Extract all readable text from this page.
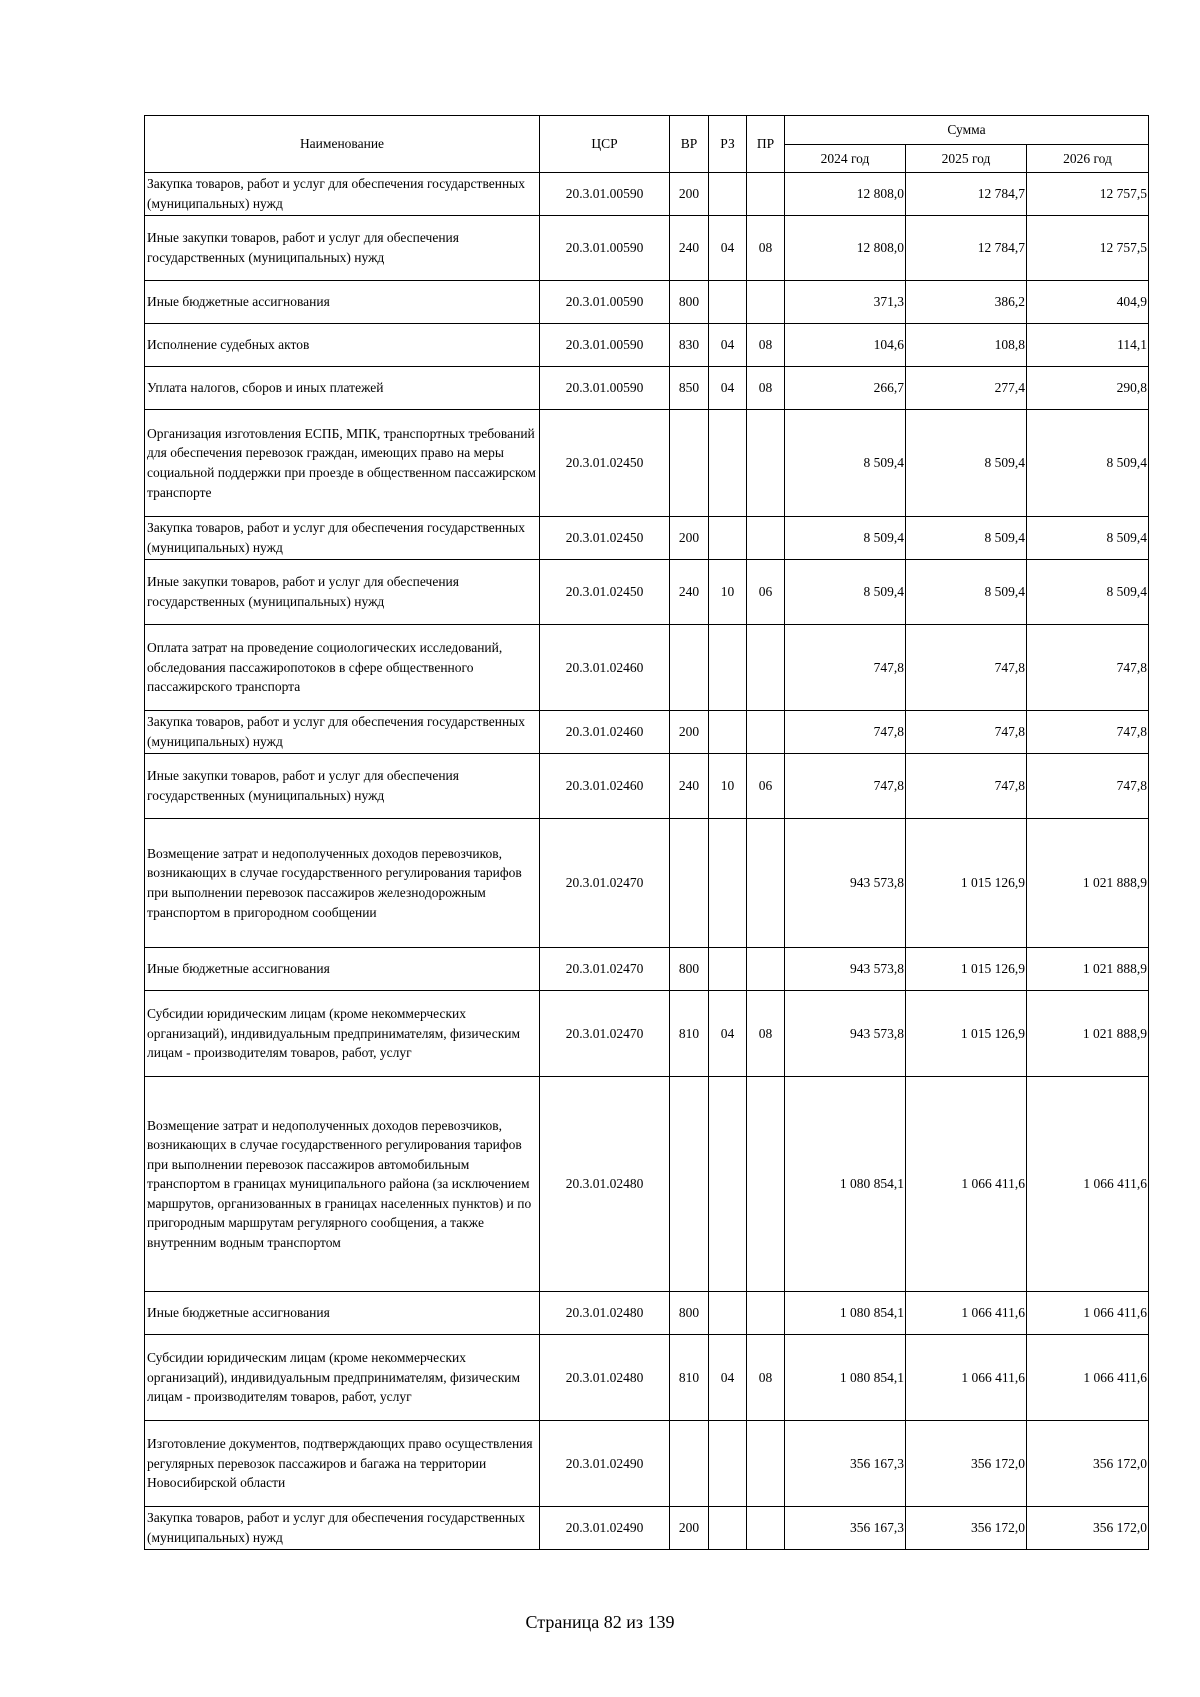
Наименование	ЦСР	ВР	РЗ	ПР	Сумма		
					2024 год	2025 год	2026 год
Закупка товаров, работ и услуг для обеспечения государственных (муниципальных) нужд	20.3.01.00590	200			12 808,0	12 784,7	12 757,5
Иные закупки товаров, работ и услуг для обеспечения государственных (муниципальных) нужд	20.3.01.00590	240	04	08	12 808,0	12 784,7	12 757,5
Иные бюджетные ассигнования	20.3.01.00590	800			371,3	386,2	404,9
Исполнение судебных актов	20.3.01.00590	830	04	08	104,6	108,8	114,1
Уплата налогов, сборов и иных платежей	20.3.01.00590	850	04	08	266,7	277,4	290,8
Организация изготовления ЕСПБ, МПК, транспортных требований для обеспечения перевозок граждан, имеющих право на меры социальной поддержки при проезде в общественном пассажирском транспорте	20.3.01.02450				8 509,4	8 509,4	8 509,4
Закупка товаров, работ и услуг для обеспечения государственных (муниципальных) нужд	20.3.01.02450	200			8 509,4	8 509,4	8 509,4
Иные закупки товаров, работ и услуг для обеспечения государственных (муниципальных) нужд	20.3.01.02450	240	10	06	8 509,4	8 509,4	8 509,4
Оплата затрат на проведение социологических исследований, обследования пассажиропотоков в сфере общественного пассажирского транспорта	20.3.01.02460				747,8	747,8	747,8
Закупка товаров, работ и услуг для обеспечения государственных (муниципальных) нужд	20.3.01.02460	200			747,8	747,8	747,8
Иные закупки товаров, работ и услуг для обеспечения государственных (муниципальных) нужд	20.3.01.02460	240	10	06	747,8	747,8	747,8
Возмещение затрат и недополученных доходов перевозчиков, возникающих в случае государственного регулирования тарифов при выполнении перевозок пассажиров железнодорожным транспортом в пригородном сообщении	20.3.01.02470				943 573,8	1 015 126,9	1 021 888,9
Иные бюджетные ассигнования	20.3.01.02470	800			943 573,8	1 015 126,9	1 021 888,9
Субсидии юридическим лицам (кроме некоммерческих организаций), индивидуальным предпринимателям, физическим лицам - производителям товаров, работ, услуг	20.3.01.02470	810	04	08	943 573,8	1 015 126,9	1 021 888,9
Возмещение затрат и недополученных доходов перевозчиков, возникающих в случае государственного регулирования тарифов при выполнении перевозок пассажиров автомобильным транспортом в границах муниципального района (за исключением маршрутов, организованных в границах населенных пунктов) и по пригородным маршрутам регулярного сообщения, а также внутренним водным транспортом	20.3.01.02480				1 080 854,1	1 066 411,6	1 066 411,6
Иные бюджетные ассигнования	20.3.01.02480	800			1 080 854,1	1 066 411,6	1 066 411,6
Субсидии юридическим лицам (кроме некоммерческих организаций), индивидуальным предпринимателям, физическим лицам - производителям товаров, работ, услуг	20.3.01.02480	810	04	08	1 080 854,1	1 066 411,6	1 066 411,6
Изготовление документов, подтверждающих право осуществления регулярных перевозок пассажиров и багажа на территории Новосибирской области	20.3.01.02490				356 167,3	356 172,0	356 172,0
Закупка товаров, работ и услуг для обеспечения государственных (муниципальных) нужд	20.3.01.02490	200			356 167,3	356 172,0	356 172,0
Страница 82 из 139
